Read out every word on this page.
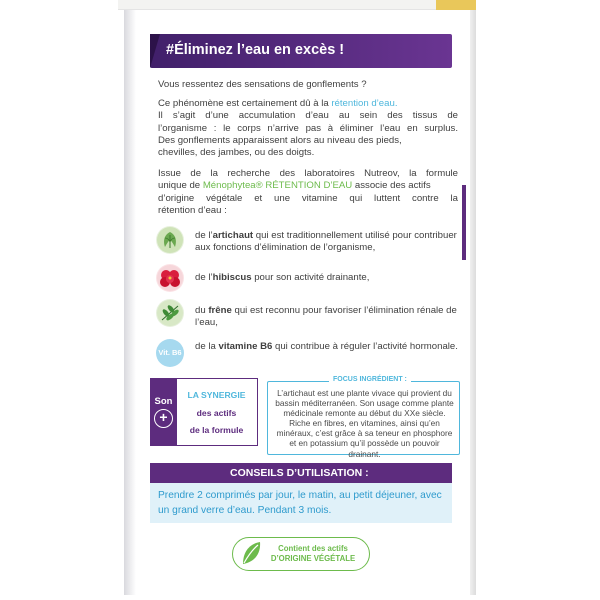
#Éliminez l’eau en excès !
Vous ressentez des sensations de gonflements ?
Ce phénomène est certainement dû à la rétention d’eau.
Il s’agit d’une accumulation d’eau au sein des tissus de
l’organisme : le corps n’arrive pas à éliminer l’eau en surplus.
Des gonflements apparaissent alors au niveau des pieds,
chevilles, des jambes, ou des doigts.
Issue de la recherche des laboratoires Nutreov, la formule
unique de Ménophytea® RÉTENTION D’EAU associe des actifs
d’origine végétale et une vitamine qui luttent contre la
rétention d’eau :
de l’artichaut qui est traditionnellement utilisé pour contribuer aux fonctions d’élimination de l’organisme,
de l’hibiscus pour son activité drainante,
du frêne qui est reconnu pour favoriser l’élimination rénale de l’eau,
Vit. B6
de la vitamine B6 qui contribue à réguler l’activité hormonale.
Son
+
LA SYNERGIE
des actifs
de la formule
FOCUS INGRÉDIENT :
L’artichaut est une plante vivace qui provient du bassin méditerranéen. Son usage comme plante médicinale remonte au début du XXe siècle. Riche en fibres, en vitamines, ainsi qu’en minéraux, c’est grâce à sa teneur en phosphore et en potassium qu’il possède un pouvoir drainant.
CONSEILS D’UTILISATION :
Prendre 2 comprimés par jour, le matin, au petit déjeuner, avec un grand verre d’eau. Pendant 3 mois.
Contient des actifs
D’ORIGINE VÉGÉTALE
